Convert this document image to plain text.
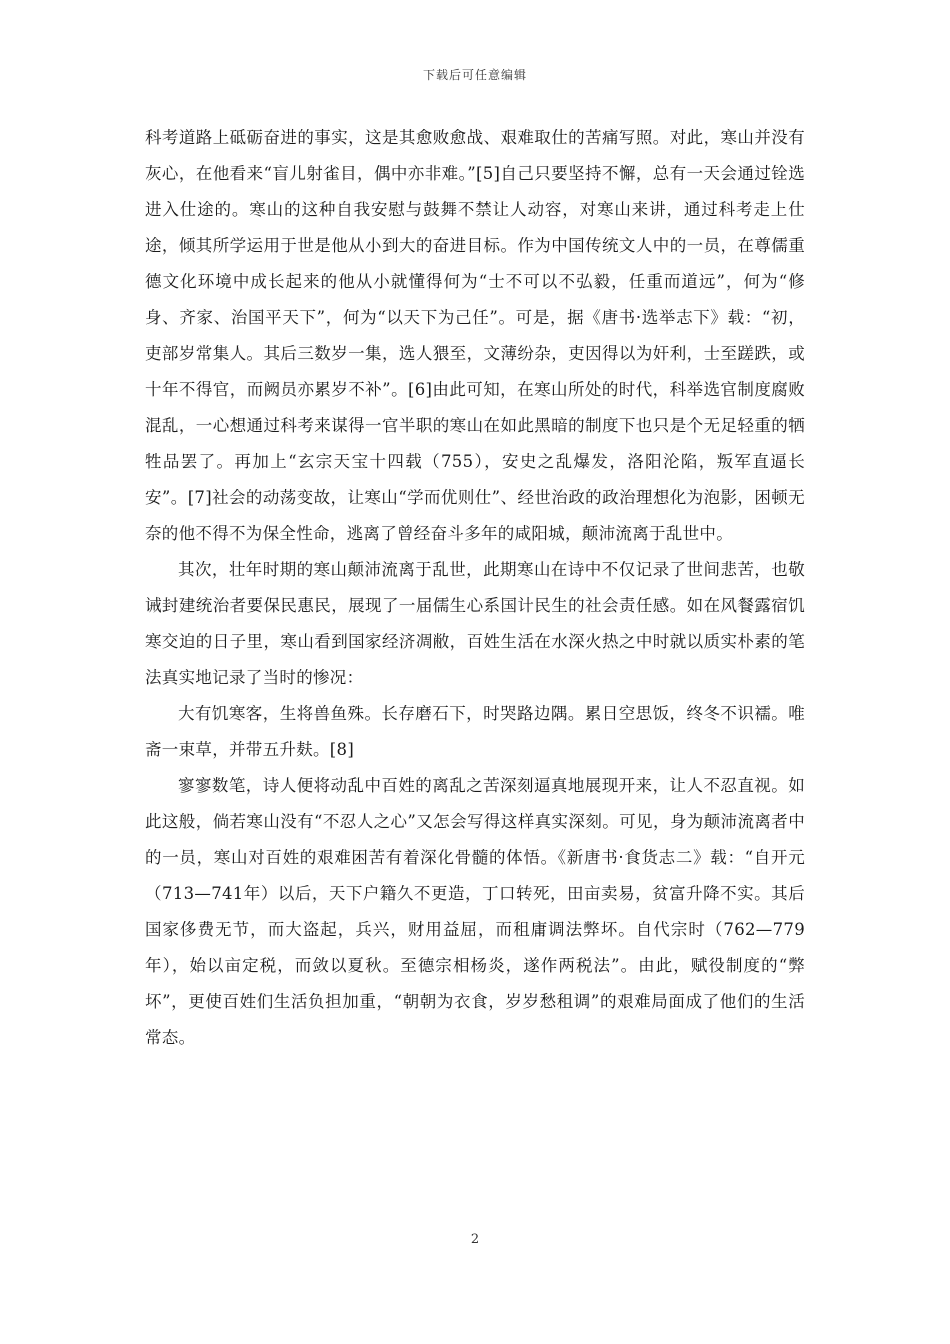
下载后可任意编辑

科考道路上砥砺奋进的事实，这是其愈败愈战、艰难取仕的苦痛写照。对此，寒山并没有灰心，在他看来“盲儿射雀目，偶中亦非难。”[5]自己只要坚持不懈，总有一天会通过铨选进入仕途的。寒山的这种自我安慰与鼓舞不禁让人动容，对寒山来讲，通过科考走上仕途，倾其所学运用于世是他从小到大的奋进目标。作为中国传统文人中的一员，在尊儒重德文化环境中成长起来的他从小就懂得何为“士不可以不弘毅，任重而道远”，何为“修身、齐家、治国平天下”，何为“以天下为己任”。可是，据《唐书·选举志下》载：“初，吏部岁常集人。其后三数岁一集，选人猥至，文薄纷杂，吏因得以为奸利，士至蹉跌，或十年不得官，而阙员亦累岁不补”。[6]由此可知，在寒山所处的时代，科举选官制度腐败混乱，一心想通过科考来谋得一官半职的寒山在如此黑暗的制度下也只是个无足轻重的牺牲品罢了。再加上“玄宗天宝十四载（755），安史之乱爆发，洛阳沦陷，叛军直逼长安”。[7]社会的动荡变故，让寒山“学而优则仕”、经世治政的政治理想化为泡影，困顿无奈的他不得不为保全性命，逃离了曾经奋斗多年的咸阳城，颠沛流离于乱世中。

其次，壮年时期的寒山颠沛流离于乱世，此期寒山在诗中不仅记录了世间悲苦，也敬诫封建统治者要保民惠民，展现了一届儒生心系国计民生的社会责任感。如在风餐露宿饥寒交迫的日子里，寒山看到国家经济凋敝，百姓生活在水深火热之中时就以质实朴素的笔法真实地记录了当时的惨况：

大有饥寒客，生将兽鱼殊。长存磨石下，时哭路边隅。累日空思饭，终冬不识襦。唯斋一束草，并带五升麸。[8]

寥寥数笔，诗人便将动乱中百姓的离乱之苦深刻逼真地展现开来，让人不忍直视。如此这般，倘若寒山没有“不忍人之心”又怎会写得这样真实深刻。可见，身为颠沛流离者中的一员，寒山对百姓的艰难困苦有着深化骨髓的体悟。《新唐书·食货志二》载：“自开元（713—741年）以后，天下户籍久不更造，丁口转死，田亩卖易，贫富升降不实。其后国家侈费无节，而大盗起，兵兴，财用益屈，而租庸调法弊坏。自代宗时（762—779年），始以亩定税，而敛以夏秋。至德宗相杨炎，遂作两税法”。由此，赋役制度的“弊坏”，更使百姓们生活负担加重，“朝朝为衣食，岁岁愁租调”的艰难局面成了他们的生活常态。

2
